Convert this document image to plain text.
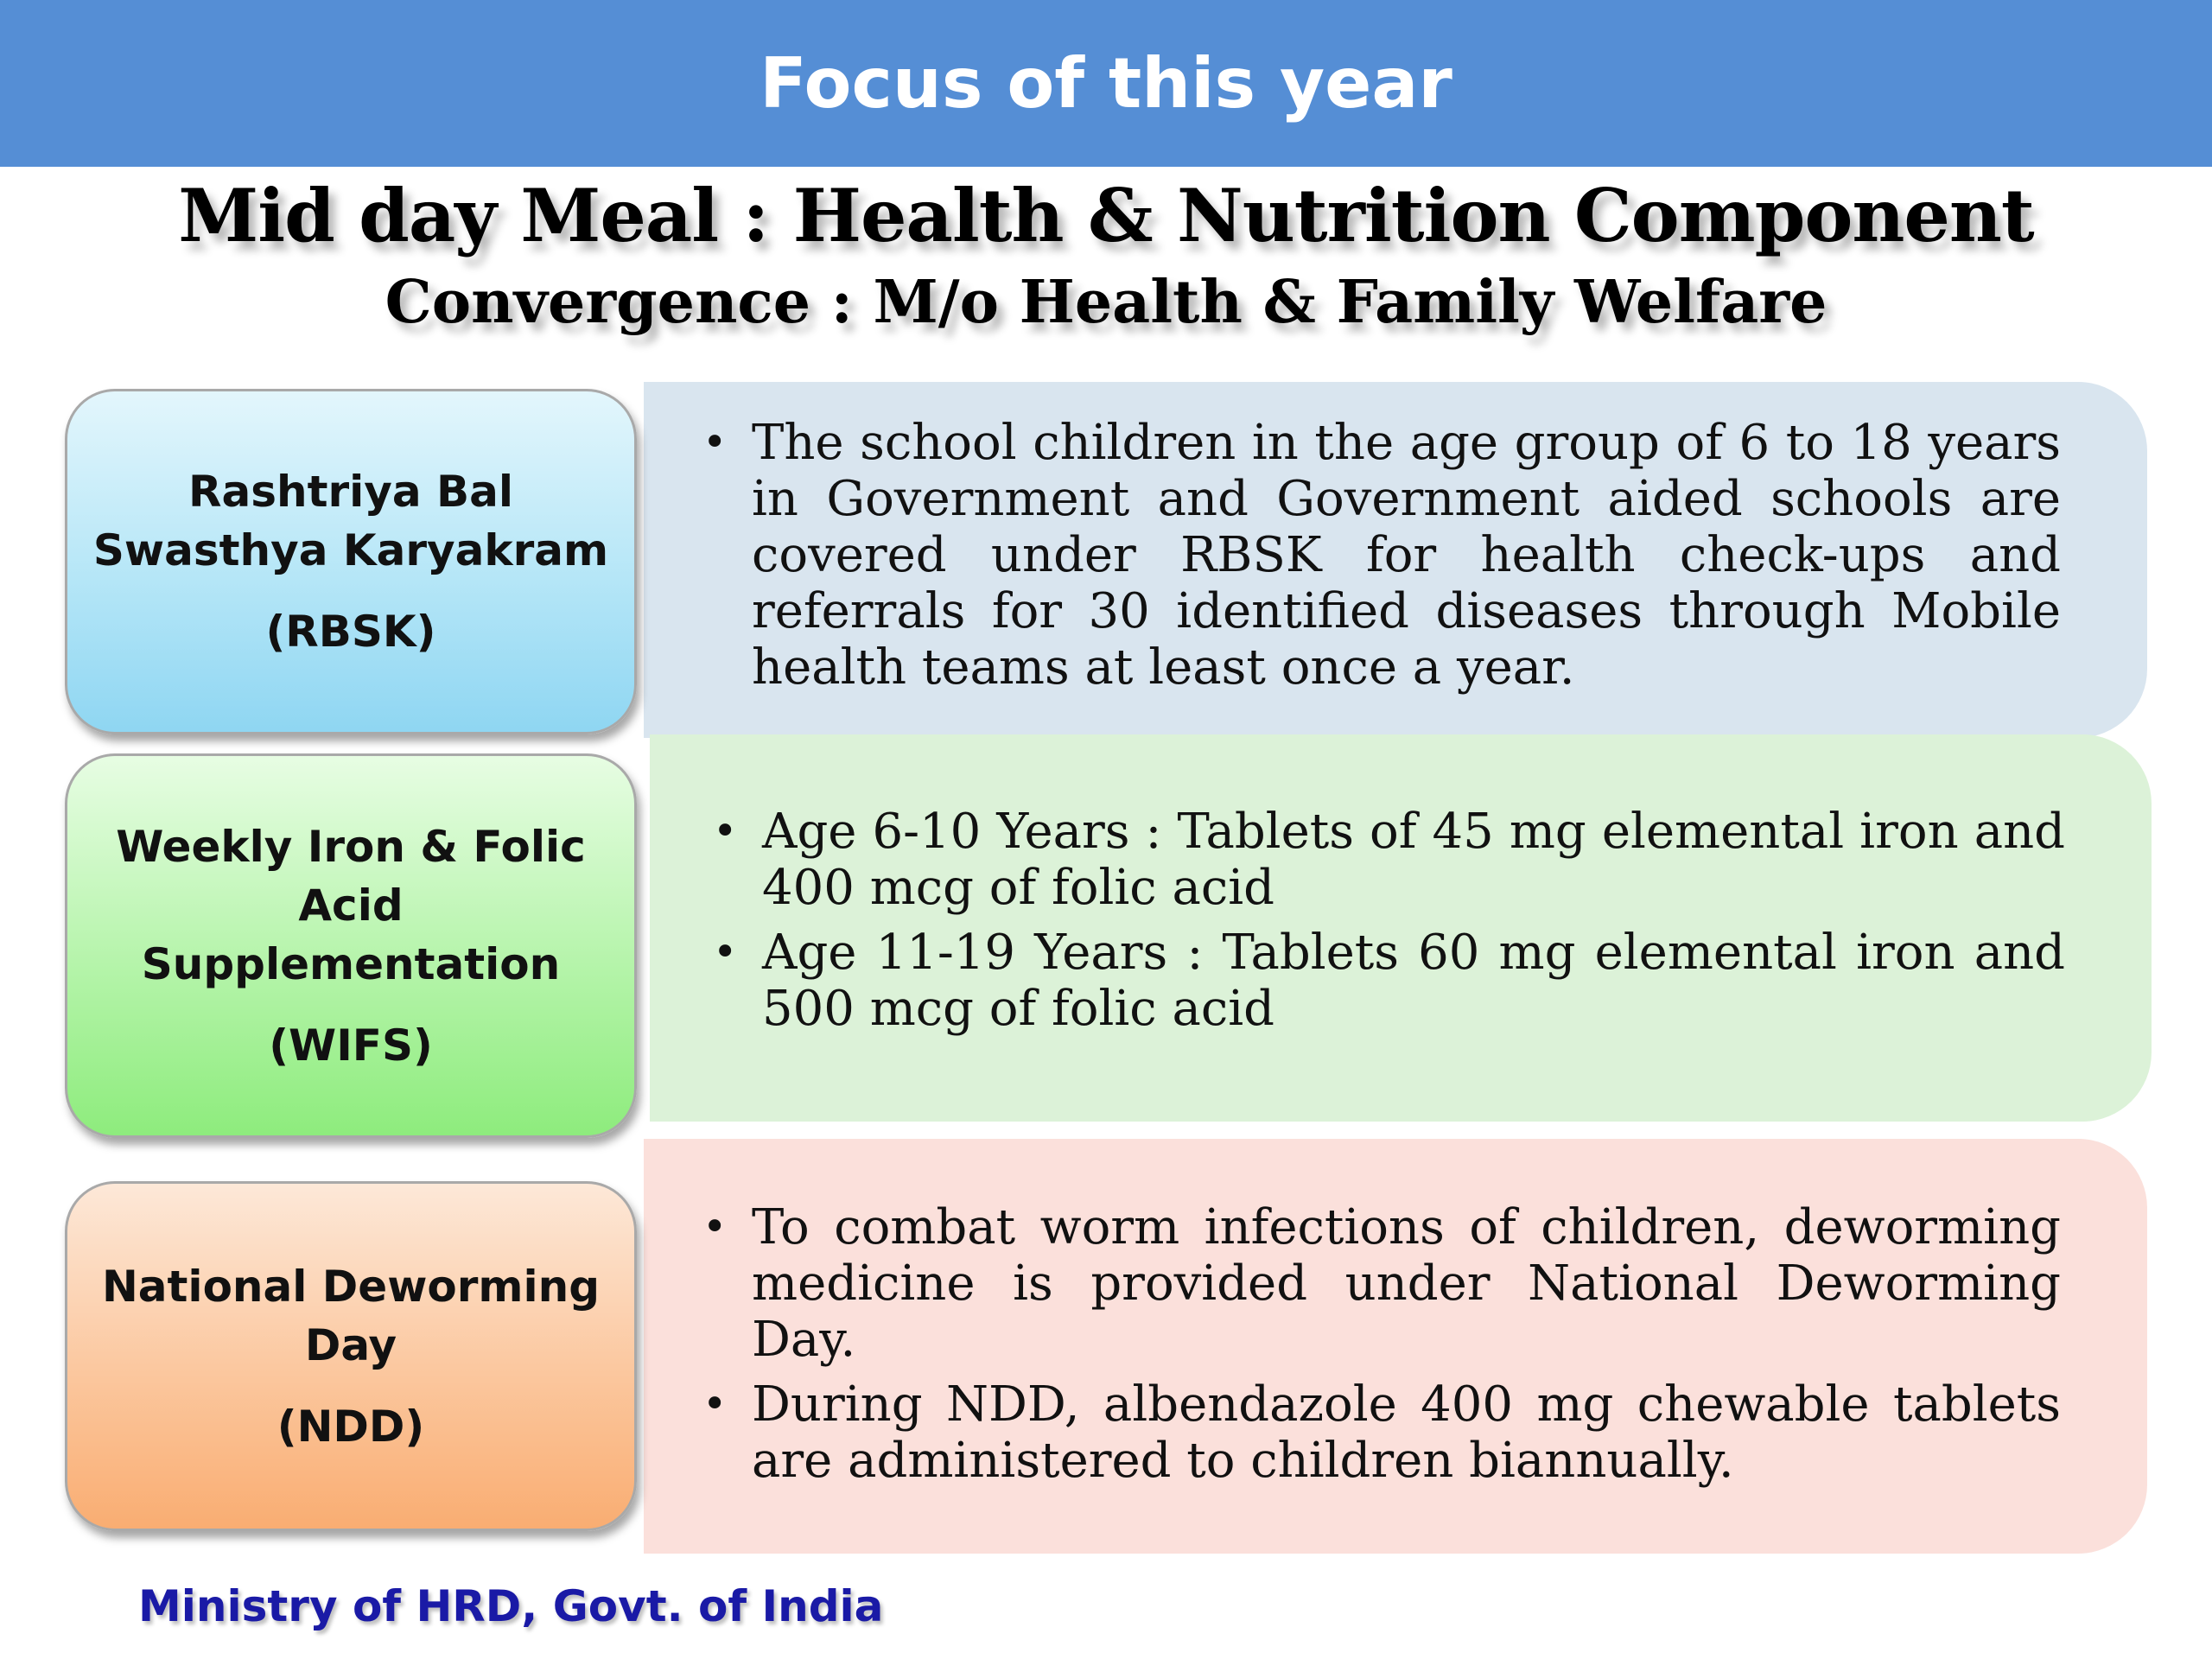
Focus of this year
Mid day Meal : Health & Nutrition Component
Convergence : M/o Health & Family Welfare
• The school children in the age group of 6 to 18 years in Government and Government aided schools are covered under RBSK for health check-ups and referrals for 30 identified diseases through Mobile health teams at least once a year.
Rashtriya Bal Swasthya Karyakram
(RBSK)
• Age 6-10 Years : Tablets of 45 mg elemental iron and 400 mcg of folic acid
• Age 11-19 Years : Tablets 60 mg elemental iron and 500 mcg of folic acid
Weekly Iron & Folic Acid Supplementation
(WIFS)
• To combat worm infections of children, deworming medicine is provided under National Deworming Day.
• During NDD, albendazole 400 mg chewable tablets are administered to children biannually.
National Deworming Day
(NDD)
Ministry of HRD, Govt. of India
